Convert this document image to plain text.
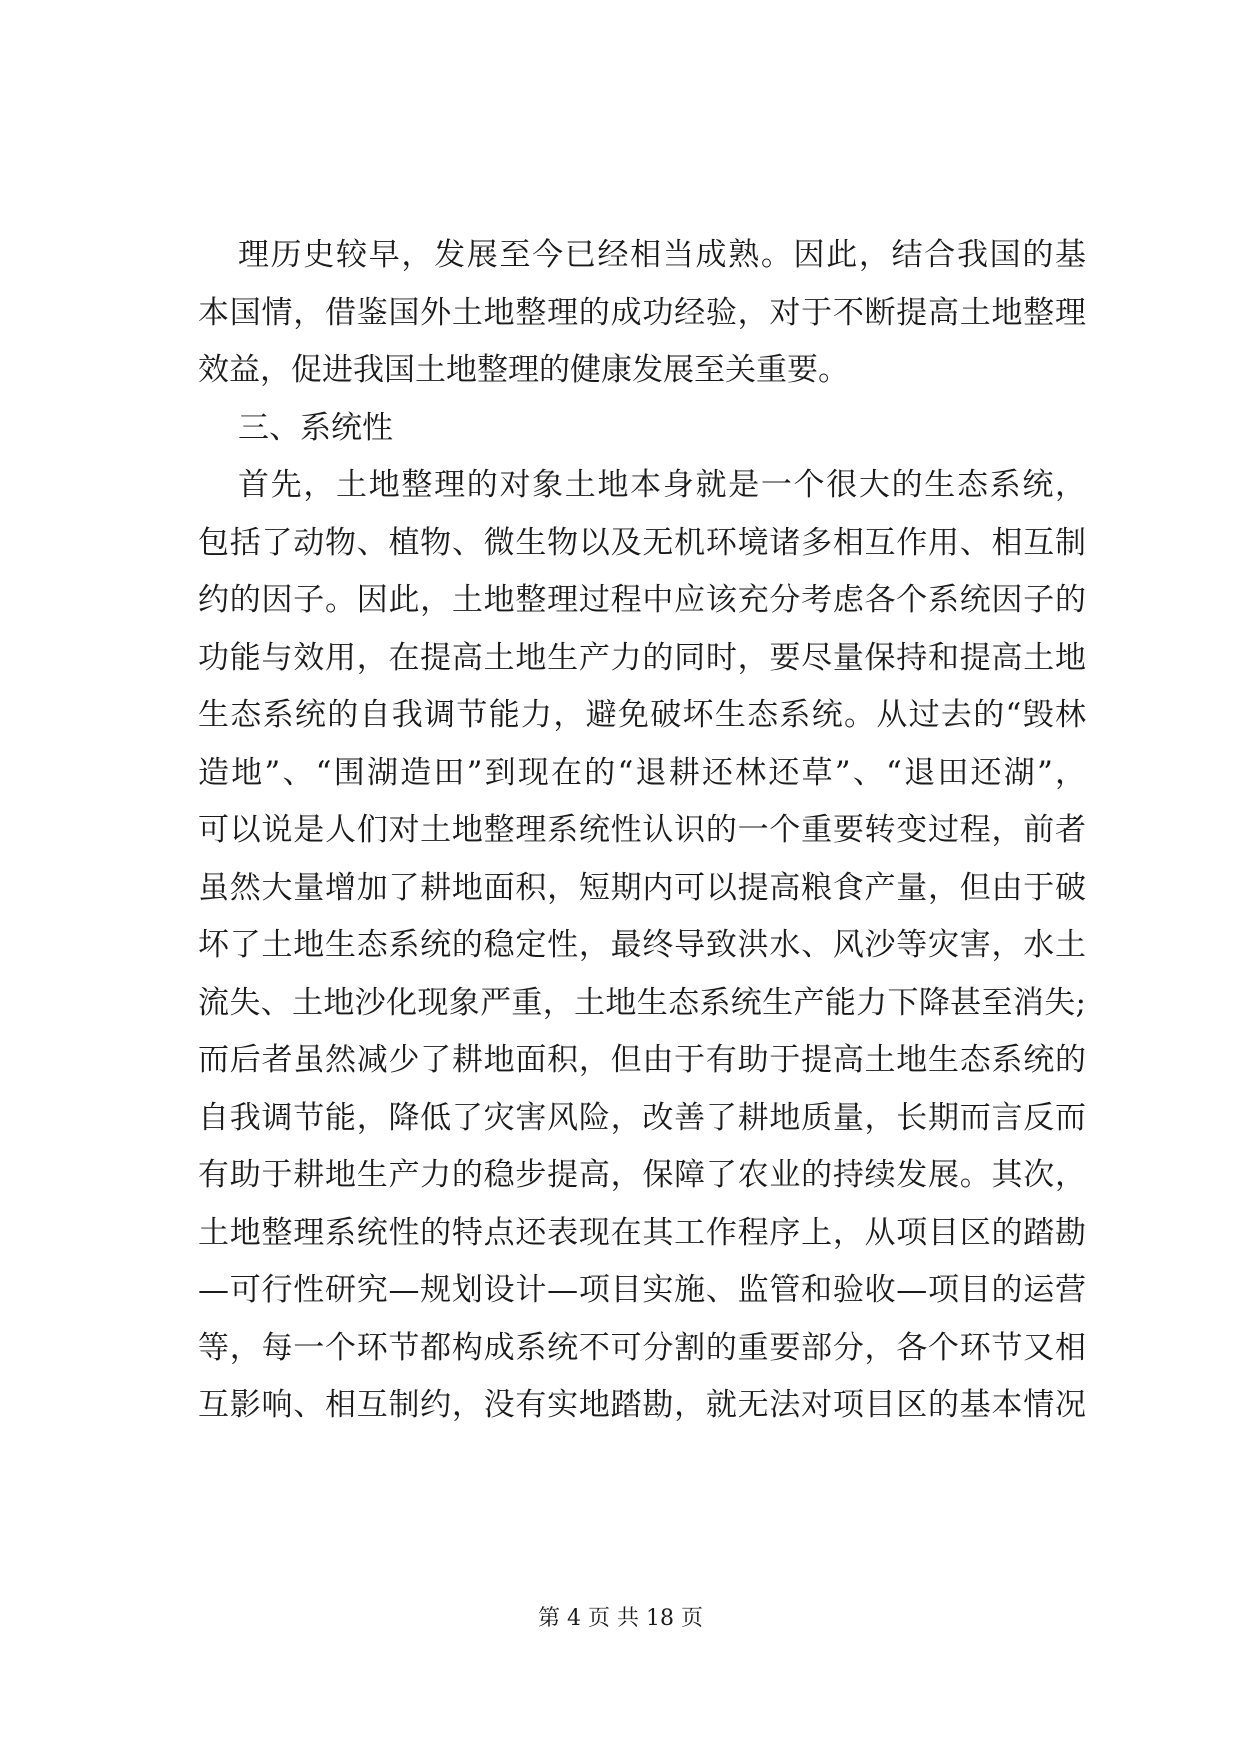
理历史较早，发展至今已经相当成熟。因此，结合我国的基
本国情，借鉴国外土地整理的成功经验，对于不断提高土地整理
效益，促进我国土地整理的健康发展至关重要。
三、系统性
首先，土地整理的对象土地本身就是一个很大的生态系统，
包括了动物、植物、微生物以及无机环境诸多相互作用、相互制
约的因子。因此，土地整理过程中应该充分考虑各个系统因子的
功能与效用，在提高土地生产力的同时，要尽量保持和提高土地
生态系统的自我调节能力，避免破坏生态系统。从过去的“毁林
造地”、“围湖造田”到现在的“退耕还林还草”、“退田还湖”，
可以说是人们对土地整理系统性认识的一个重要转变过程，前者
虽然大量增加了耕地面积，短期内可以提高粮食产量，但由于破
坏了土地生态系统的稳定性，最终导致洪水、风沙等灾害，水土
流失、土地沙化现象严重，土地生态系统生产能力下降甚至消失;
而后者虽然减少了耕地面积，但由于有助于提高土地生态系统的
自我调节能，降低了灾害风险，改善了耕地质量，长期而言反而
有助于耕地生产力的稳步提高，保障了农业的持续发展。其次，
土地整理系统性的特点还表现在其工作程序上，从项目区的踏勘
—可行性研究—规划设计—项目实施、监管和验收—项目的运营
等，每一个环节都构成系统不可分割的重要部分，各个环节又相
互影响、相互制约，没有实地踏勘，就无法对项目区的基本情况
第 4 页 共 18 页
